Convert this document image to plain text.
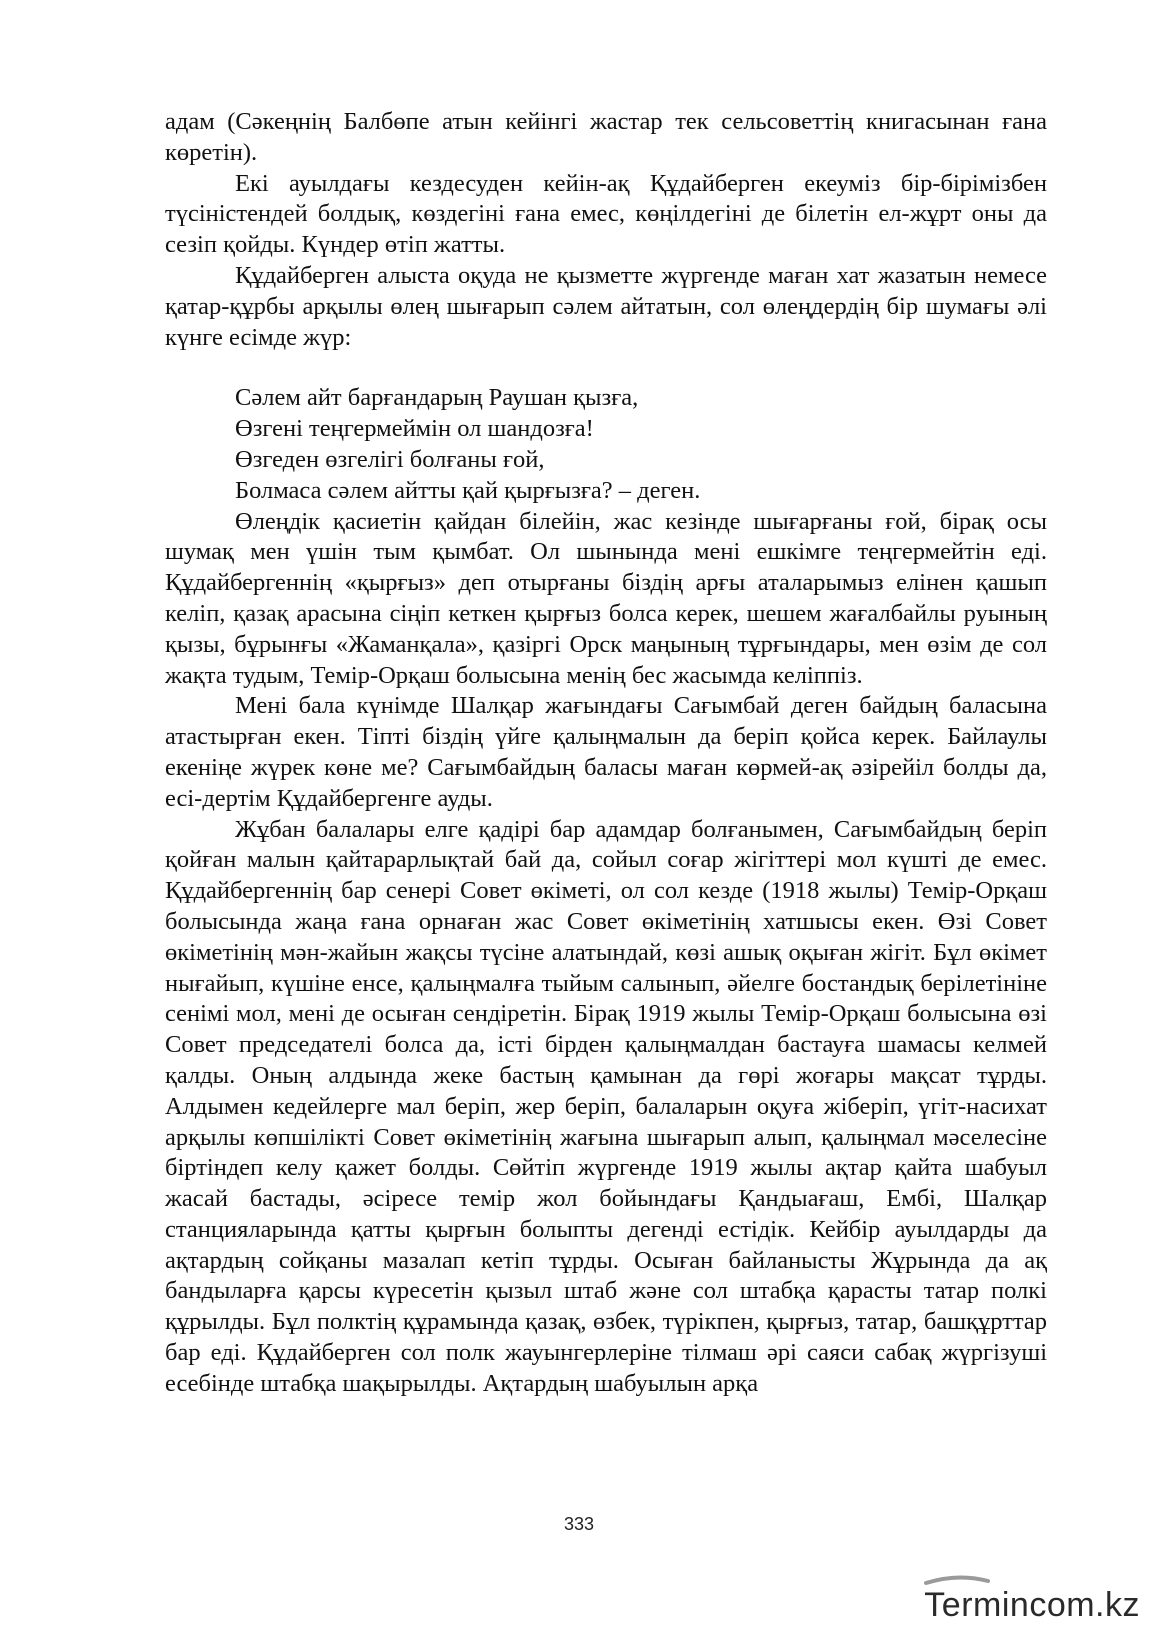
адам (Сәкеңнің Балбөпе атын кейінгі жастар тек сельсоветтің книгасынан ғана көретін).

Екі ауылдағы кездесуден кейін-ақ Құдайберген екеуміз бір-бірімізбен түсіністендей болдық, көздегіні ғана емес, көңілдегіні де білетін ел-жұрт оны да сезіп қойды. Күндер өтіп жатты.

Құдайберген алыста оқуда не қызметте жүргенде маған хат жазатын немесе қатар-құрбы арқылы өлең шығарып сәлем айтатын, сол өлеңдердің бір шумағы әлі күнге есімде жүр:

Сәлем айт барғандарың Раушан қызға,
Өзгені теңгермеймін ол шандозға!
Өзгеден өзгелігі болғаны ғой,
Болмаса сәлем айтты қай қырғызға? – деген.

Өлеңдік қасиетін қайдан білейін, жас кезінде шығарғаны ғой, бірақ осы шумақ мен үшін тым қымбат. Ол шынында мені ешкімге теңгермейтін еді. Құдайбергеннің «қырғыз» деп отырғаны біздің арғы аталарымыз елінен қашып келіп, қазақ арасына сіңіп кеткен қырғыз болса керек, шешем жағалбайлы руының қызы, бұрынғы «Жаманқала», қазіргі Орск маңының тұрғындары, мен өзім де сол жақта тудым, Темір-Орқаш болысына менің бес жасымда келіппіз.

Мені бала күнімде Шалқар жағындағы Сағымбай деген байдың баласына атастырған екен. Тіпті біздің үйге қалыңмалын да беріп қойса керек. Байлаулы екеніңе жүрек көне ме? Сағымбайдың баласы маған көрмей-ақ әзірейіл болды да, есі-дертім Құдайбергенге ауды.

Жұбан балалары елге қадірі бар адамдар болғанымен, Сағымбайдың беріп қойған малын қайтарарлықтай бай да, сойыл соғар жігіттері мол күшті де емес. Құдайбергеннің бар сенері Совет өкіметі, ол сол кезде (1918 жылы) Темір-Орқаш болысында жаңа ғана орнаған жас Совет өкіметінің хатшысы екен. Өзі Совет өкіметінің мән-жайын жақсы түсіне алатындай, көзі ашық оқыған жігіт. Бұл өкімет нығайып, күшіне енсе, қалыңмалға тыйым салынып, әйелге бостандық берілетініне сенімі мол, мені де осыған сендіретін. Бірақ 1919 жылы Темір-Орқаш болысына өзі Совет председателі болса да, істі бірден қалыңмалдан бастауға шамасы келмей қалды. Оның алдында жеке бастың қамынан да гөрі жоғары мақсат тұрды. Алдымен кедейлерге мал беріп, жер беріп, балаларын оқуға жіберіп, үгіт-насихат арқылы көпшілікті Совет өкіметінің жағына шығарып алып, қалыңмал мәселесіне біртіндеп келу қажет болды. Сөйтіп жүргенде 1919 жылы ақтар қайта шабуыл жасай бастады, әсіресе темір жол бойындағы Қандыағаш, Ембі, Шалқар станцияларында қатты қырғын болыпты дегенді естідік. Кейбір ауылдарды да ақтардың сойқаны мазалап кетіп тұрды. Осыған байланысты Жұрында да ақ бандыларға қарсы күресетін қызыл штаб және сол штабқа қарасты татар полкі құрылды. Бұл полктің құрамында қазақ, өзбек, түрікпен, қырғыз, татар, башқұрттар бар еді. Құдайберген сол полк жауынгерлеріне тілмаш әрі саяси сабақ жүргізуші есебінде штабқа шақырылды. Ақтардың шабуылын арқа

333
Termincom.kz
